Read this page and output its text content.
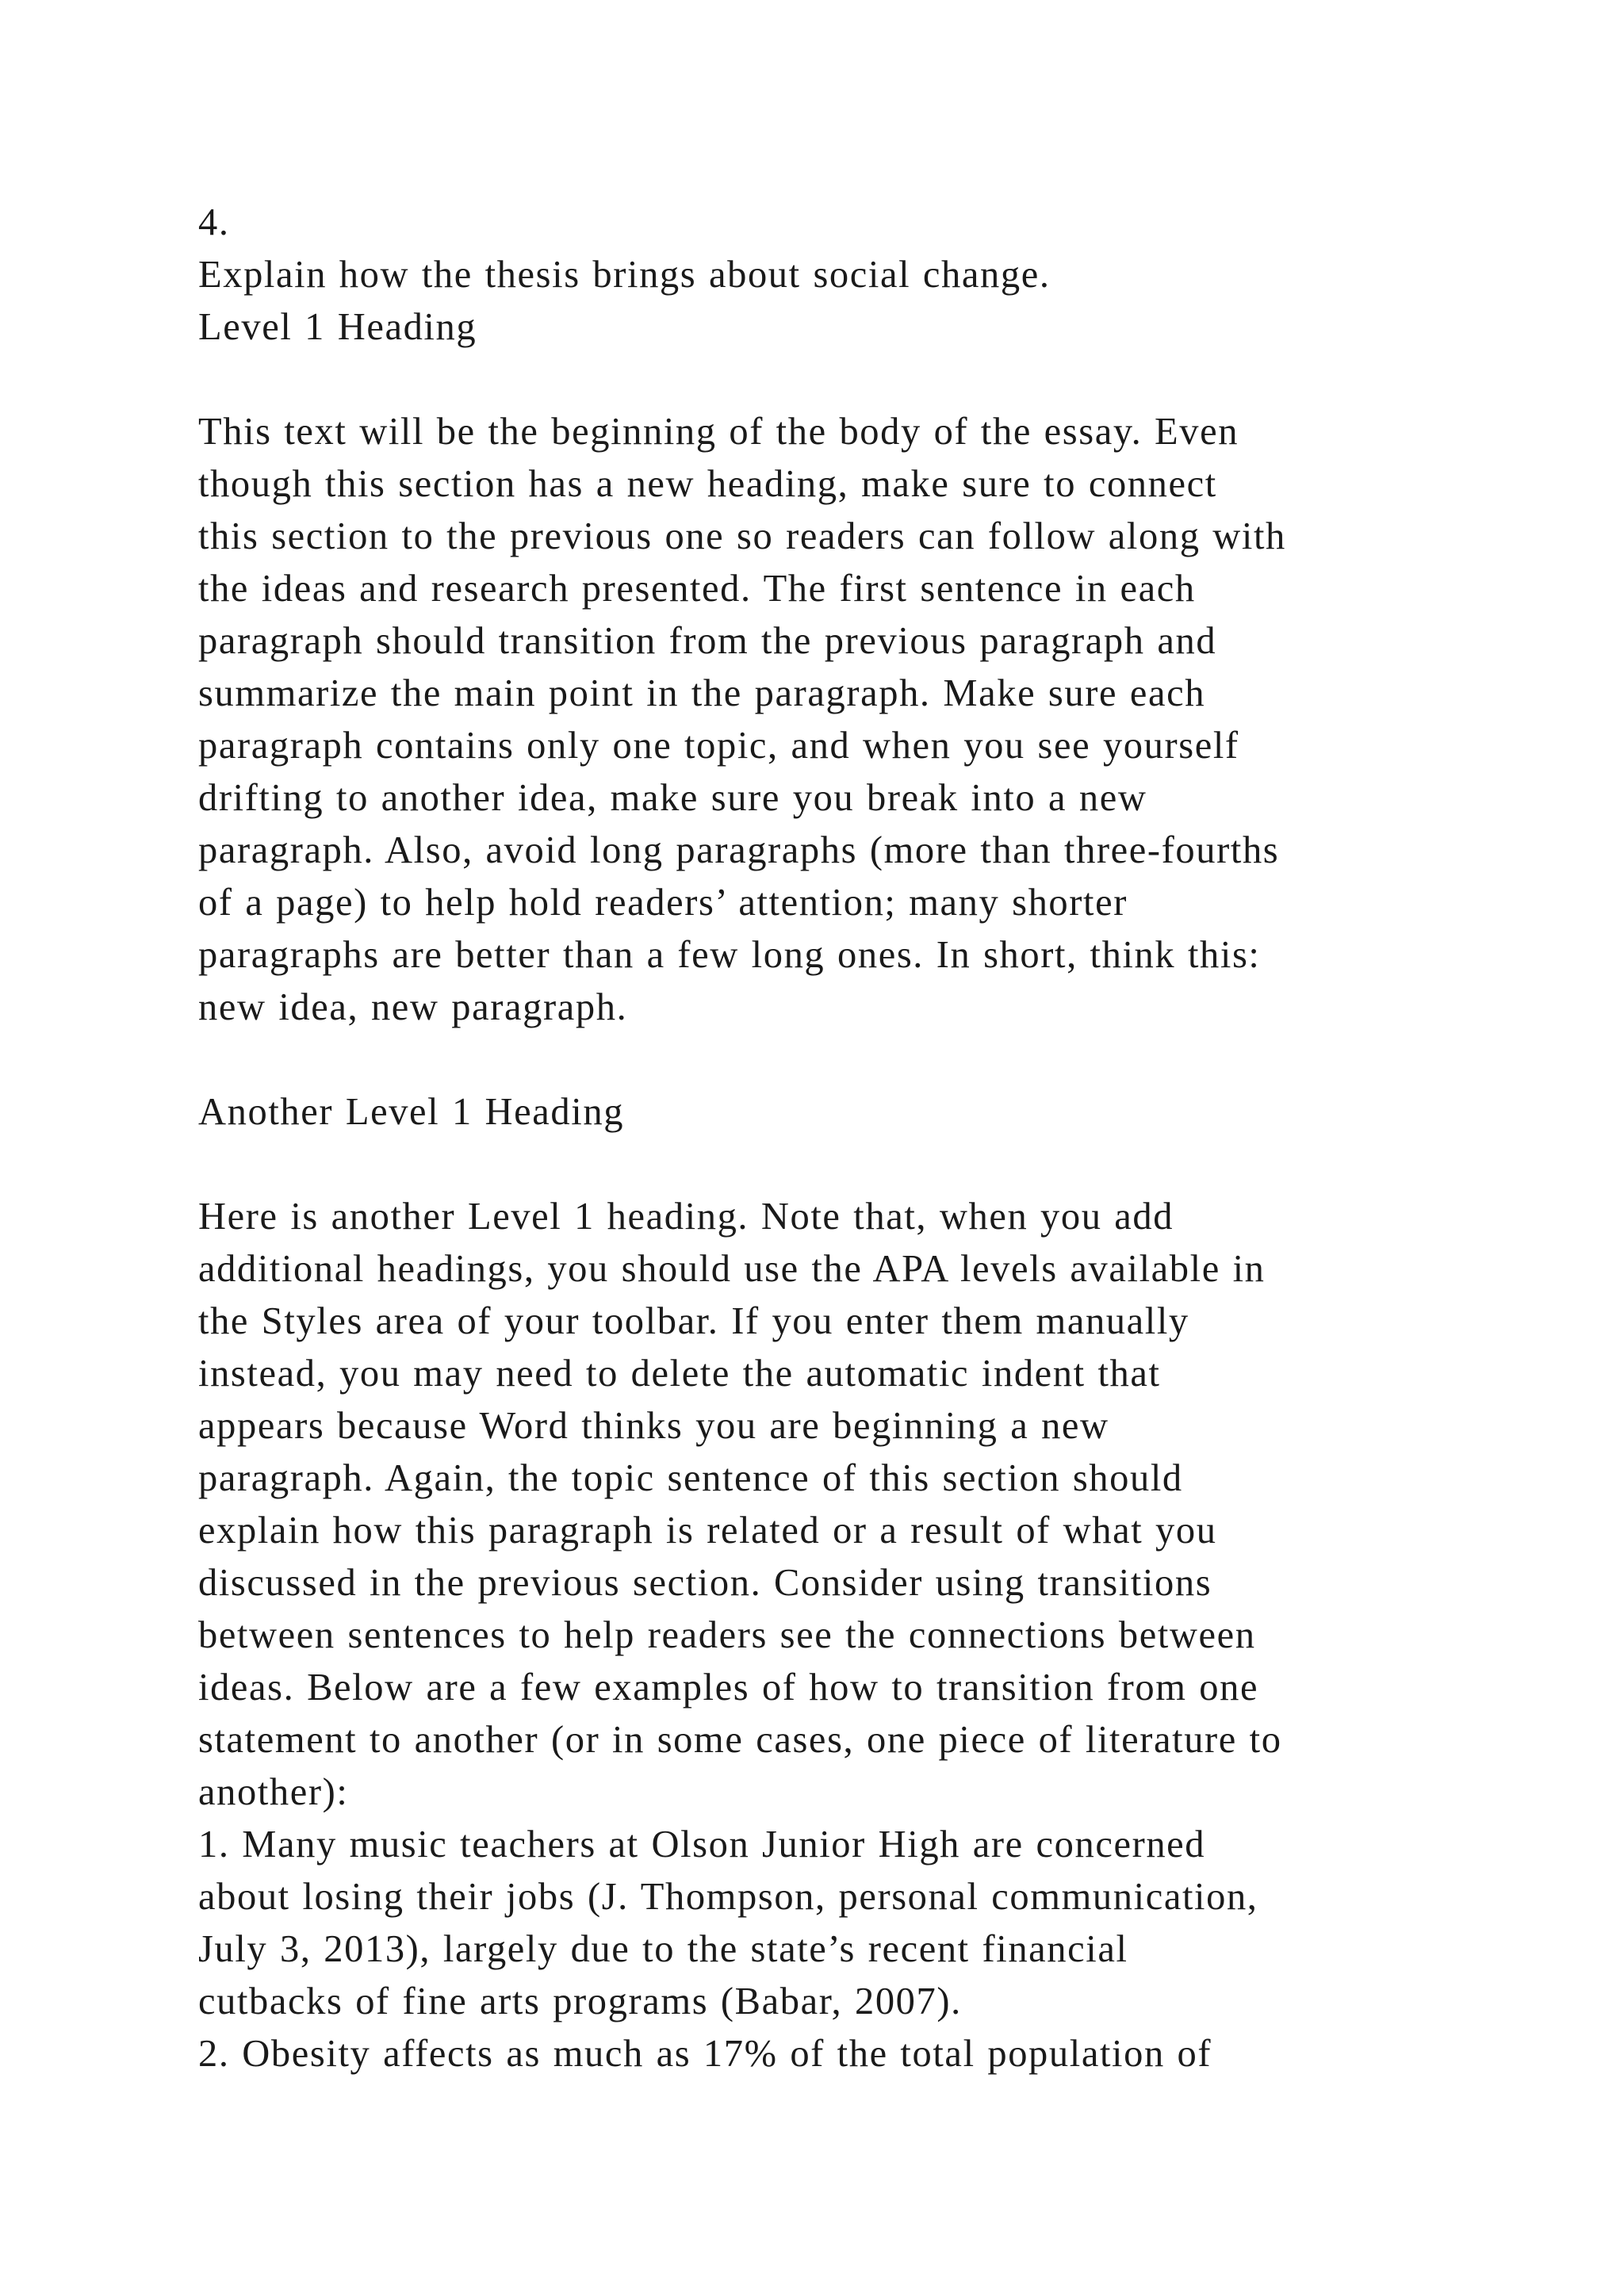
4.
Explain how the thesis brings about social change.
Level 1 Heading
This text will be the beginning of the body of the essay. Even
though this section has a new heading, make sure to connect
this section to the previous one so readers can follow along with
the ideas and research presented. The first sentence in each
paragraph should transition from the previous paragraph and
summarize the main point in the paragraph. Make sure each
paragraph contains only one topic, and when you see yourself
drifting to another idea, make sure you break into a new
paragraph. Also, avoid long paragraphs (more than three-fourths
of a page) to help hold readers’ attention; many shorter
paragraphs are better than a few long ones. In short, think this:
new idea, new paragraph.
Another Level 1 Heading
Here is another Level 1 heading. Note that, when you add
additional headings, you should use the APA levels available in
the Styles area of your toolbar. If you enter them manually
instead, you may need to delete the automatic indent that
appears because Word thinks you are beginning a new
paragraph. Again, the topic sentence of this section should
explain how this paragraph is related or a result of what you
discussed in the previous section. Consider using transitions
between sentences to help readers see the connections between
ideas. Below are a few examples of how to transition from one
statement to another (or in some cases, one piece of literature to
another):
1. Many music teachers at Olson Junior High are concerned
about losing their jobs (J. Thompson, personal communication,
July 3, 2013), largely due to the state’s recent financial
cutbacks of fine arts programs (Babar, 2007).
2. Obesity affects as much as 17% of the total population of
